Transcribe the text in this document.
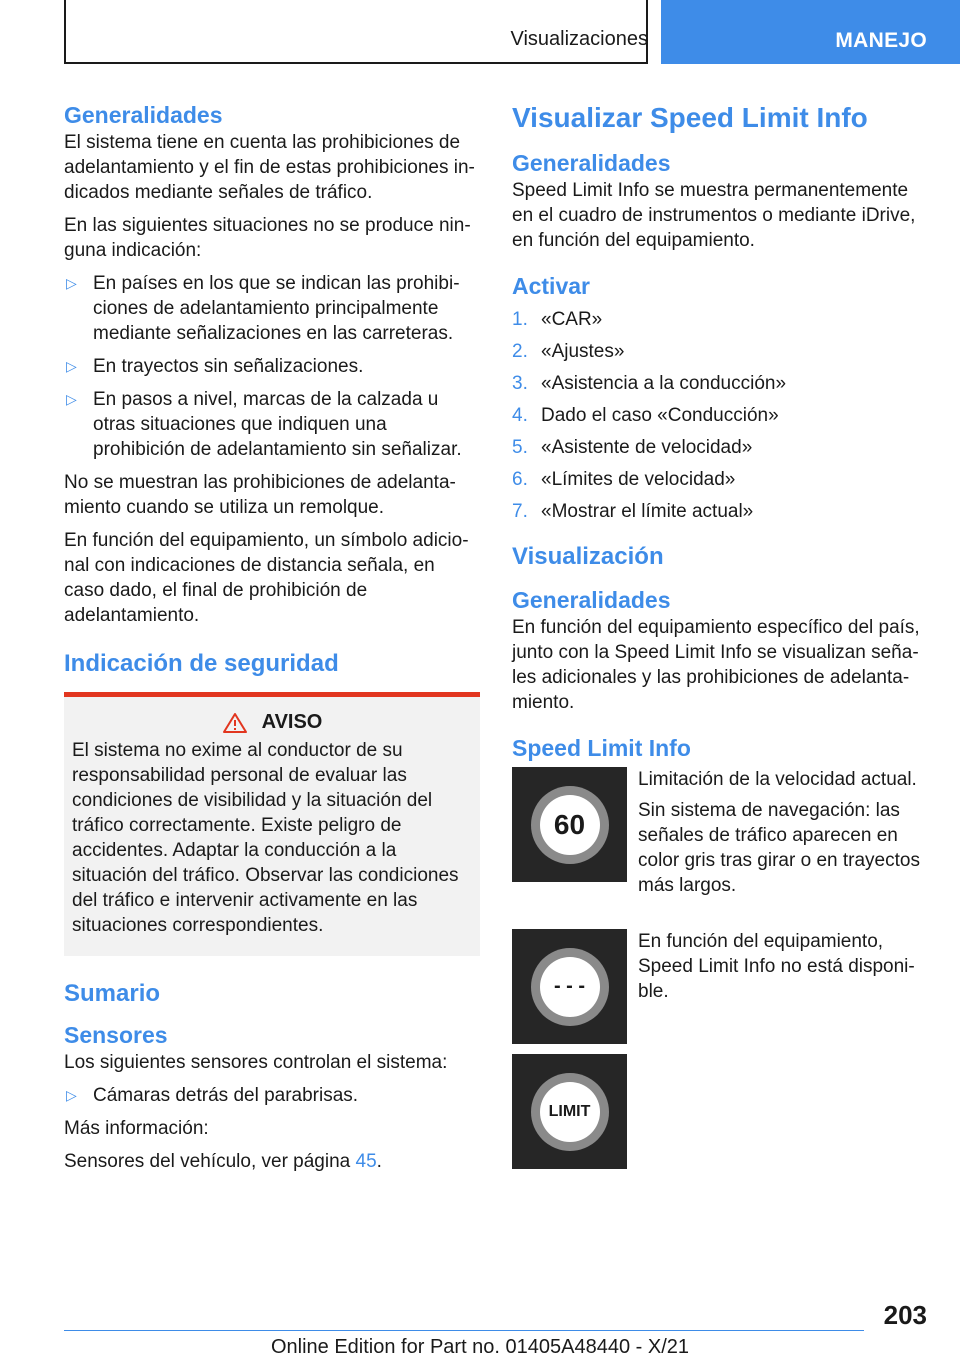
Visualizaciones	MANEJO
Generalidades

El sistema tiene en cuenta las prohibiciones de adelantamiento y el fin de estas prohibiciones indicados mediante señales de tráfico.

En las siguientes situaciones no se produce ninguna indicación:

▷ En países en los que se indican las prohibiciones de adelantamiento principalmente mediante señalizaciones en las carreteras.
▷ En trayectos sin señalizaciones.
▷ En pasos a nivel, marcas de la calzada u otras situaciones que indiquen una prohibición de adelantamiento sin señalizar.

No se muestran las prohibiciones de adelantamiento cuando se utiliza un remolque.

En función del equipamiento, un símbolo adicional con indicaciones de distancia señala, en caso dado, el final de prohibición de adelantamiento.

Indicación de seguridad
AVISO

El sistema no exime al conductor de su responsabilidad personal de evaluar las condiciones de visibilidad y la situación del tráfico correctamente. Existe peligro de accidentes. Adaptar la conducción a la situación del tráfico. Observar las condiciones del tráfico e intervenir activamente en las situaciones correspondientes.

Sumario
Sensores

Los siguientes sensores controlan el sistema:

▷ Cámaras detrás del parabrisas.

Más información:

Sensores del vehículo, ver página 45.

Visualizar Speed Limit Info
Generalidades

Speed Limit Info se muestra permanentemente en el cuadro de instrumentos o mediante iDrive, en función del equipamiento.

Activar
1. «CAR»
2. «Ajustes»
3. «Asistencia a la conducción»
4. Dado el caso «Conducción»
5. «Asistente de velocidad»
6. «Límites de velocidad»
7. «Mostrar el límite actual»
Visualización
Generalidades

En función del equipamiento específico del país, junto con la Speed Limit Info se visualizan señales adicionales y las prohibiciones de adelantamiento.

Speed Limit Info
60

Limitación de la velocidad actual.

Sin sistema de navegación: las señales de tráfico aparecen en color gris tras girar o en trayectos más largos.

- - -

En función del equipamiento, Speed Limit Info no está disponible.

LIMIT
203
Online Edition for Part no. 01405A48440 - X/21
